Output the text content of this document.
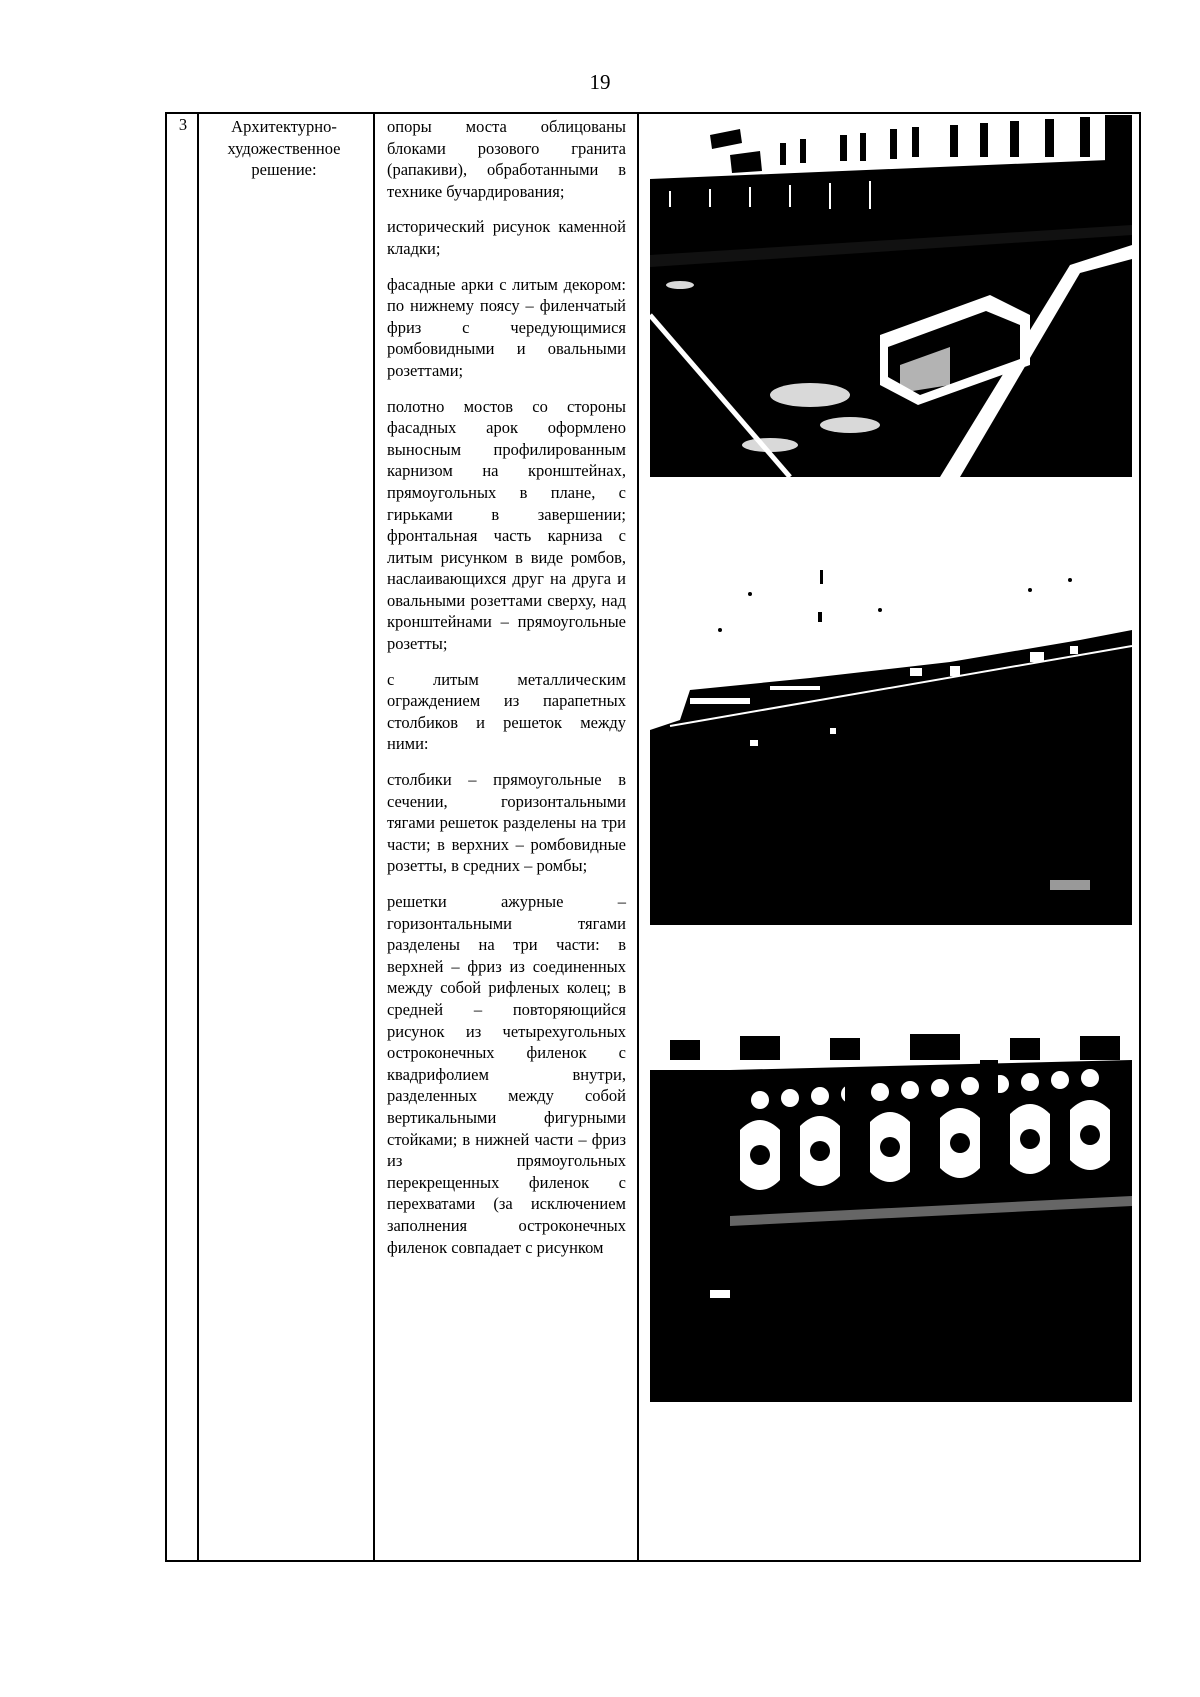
19
3	Архитектурно-
художественное
решение:

опоры моста облицованы блоками розового гранита (рапакиви), обработанными в технике бучардирования;

исторический рисунок каменной кладки;

фасадные арки с литым декором: по нижнему поясу – филенчатый фриз с чередующимися ромбовидными и овальными розеттами;

полотно мостов со стороны фасадных арок оформлено выносным профилированным карнизом на кронштейнах, прямоугольных в плане, с гирьками в завершении; фронтальная часть карниза с литым рисунком в виде ромбов, наслаивающихся друг на друга и овальными розеттами сверху, над кронштейнами – прямоугольные розетты;

с литым металлическим ограждением из парапетных столбиков и решеток между ними:

столбики – прямоугольные в сечении, горизонтальными тягами решеток разделены на три части; в верхних – ромбовидные розетты, в средних – ромбы;

решетки ажурные – горизонтальными тягами разделены на три части: в верхней – фриз из соединенных между собой рифленых колец; в средней – повторяющийся рисунок из четырехугольных остроконечных филенок с квадрифолием внутри, разделенных между собой вертикальными фигурными стойками; в нижней части – фриз из прямоугольных перекрещенных филенок с перехватами (за исключением заполнения остроконечных филенок совпадает с рисунком
